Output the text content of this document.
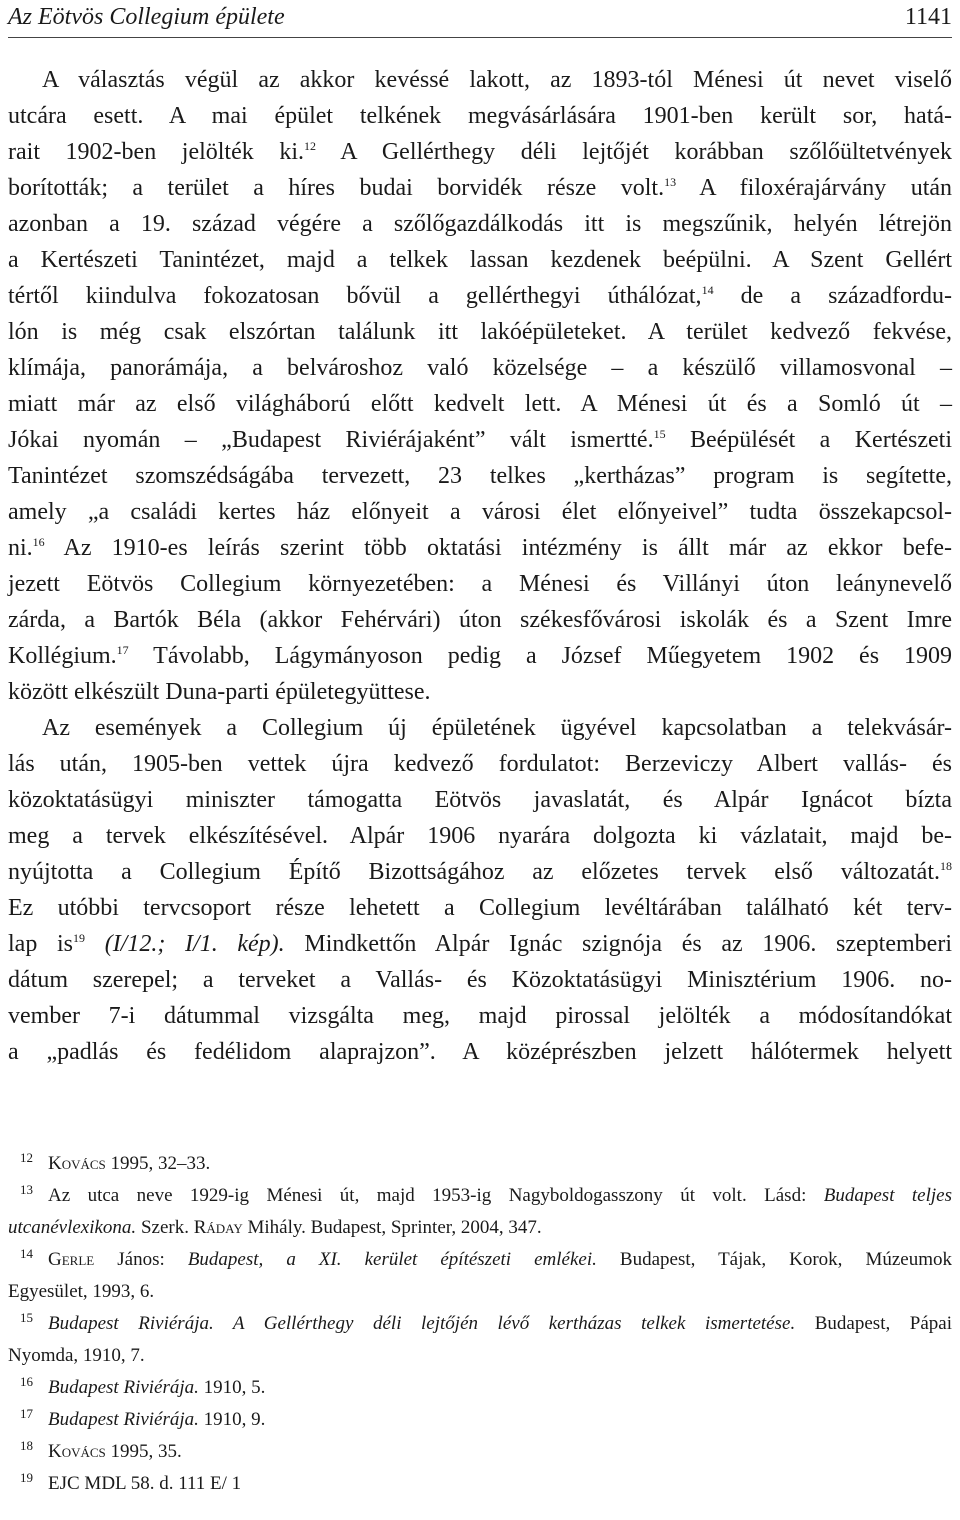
Az Eötvös Collegium épülete	1141
A választás végül az akkor kevéssé lakott, az 1893-tól Ménesi út nevet viselő
utcára esett. A mai épület telkének megvásárlására 1901-ben került sor, hatá-
rait 1902-ben jelölték ki.$^{12}$ A Gellérthegy déli lejtőjét korábban szőlőültetvények
borították; a terület a híres budai borvidék része volt.$^{13}$ A filoxérajárvány után
azonban a 19. század végére a szőlőgazdálkodás itt is megszűnik, helyén létrejön
a Kertészeti Tanintézet, majd a telkek lassan kezdenek beépülni. A Szent Gellért
tértől kiindulva fokozatosan bővül a gellérthegyi úthálózat,$^{14}$ de a századfordu-
lón is még csak elszórtan találunk itt lakóépületeket. A terület kedvező fekvése,
klímája, panorámája, a belvároshoz való közelsége – a készülő villamosvonal –
miatt már az első világháború előtt kedvelt lett. A Ménesi út és a Somló út –
Jókai nyomán – „Budapest Riviérájaként” vált ismertté.$^{15}$ Beépülését a Kertészeti
Tanintézet szomszédságába tervezett, 23 telkes „kertházas” program is segítette,
amely „a családi kertes ház előnyeit a városi élet előnyeivel” tudta összekapcsol-
ni.$^{16}$ Az 1910-es leírás szerint több oktatási intézmény is állt már az ekkor befe-
jezett Eötvös Collegium környezetében: a Ménesi és Villányi úton leánynevelő
zárda, a Bartók Béla (akkor Fehérvári) úton székesfővárosi iskolák és a Szent Imre
Kollégium.$^{17}$ Távolabb, Lágymányoson pedig a József Műegyetem 1902 és 1909
között elkészült Duna-parti épületegyüttese.
Az események a Collegium új épületének ügyével kapcsolatban a telekvásár-
lás után, 1905-ben vettek újra kedvező fordulatot: Berzeviczy Albert vallás- és
közoktatásügyi miniszter támogatta Eötvös javaslatát, és Alpár Ignácot bízta
meg a tervek elkészítésével. Alpár 1906 nyarára dolgozta ki vázlatait, majd be-
nyújtotta a Collegium Építő Bizottságához az előzetes tervek első változatát.$^{18}$
Ez utóbbi tervcsoport része lehetett a Collegium levéltárában található két terv-
lap $is^{19}$ (I/12.; I/1. kép). Mindkettőn Alpár Ignác szignója és az 1906. szeptemberi
dátum szerepel; a terveket a Vallás- és Közoktatásügyi Minisztérium 1906. no-
vember 7-i dátummal vizsgálta meg, majd pirossal jelölték a módosítandókat
a „padlás és fedélidom alaprajzon”. A középrészben jelzett hálótermek helyett
12 Kovács 1995, 32–33.
13 Az utca neve 1929-ig Ménesi út, majd 1953-ig Nagyboldogasszony út volt. Lásd: Budapest teljes
utcanévlexikona. Szerk. Ráday Mihály. Budapest, Sprinter, 2004, 347.
14 Gerle János: Budapest, a XI. kerület építészeti emlékei. Budapest, Tájak, Korok, Múzeumok
Egyesület, 1993, 6.
15 Budapest Riviérája. A Gellérthegy déli lejtőjén lévő kertházas telkek ismertetése. Budapest, Pápai
Nyomda, 1910, 7.
16 Budapest Riviérája. 1910, 5.
17 Budapest Riviérája. 1910, 9.
18 Kovács 1995, 35.
19 EJC MDL 58. d. 111 E/ 1
